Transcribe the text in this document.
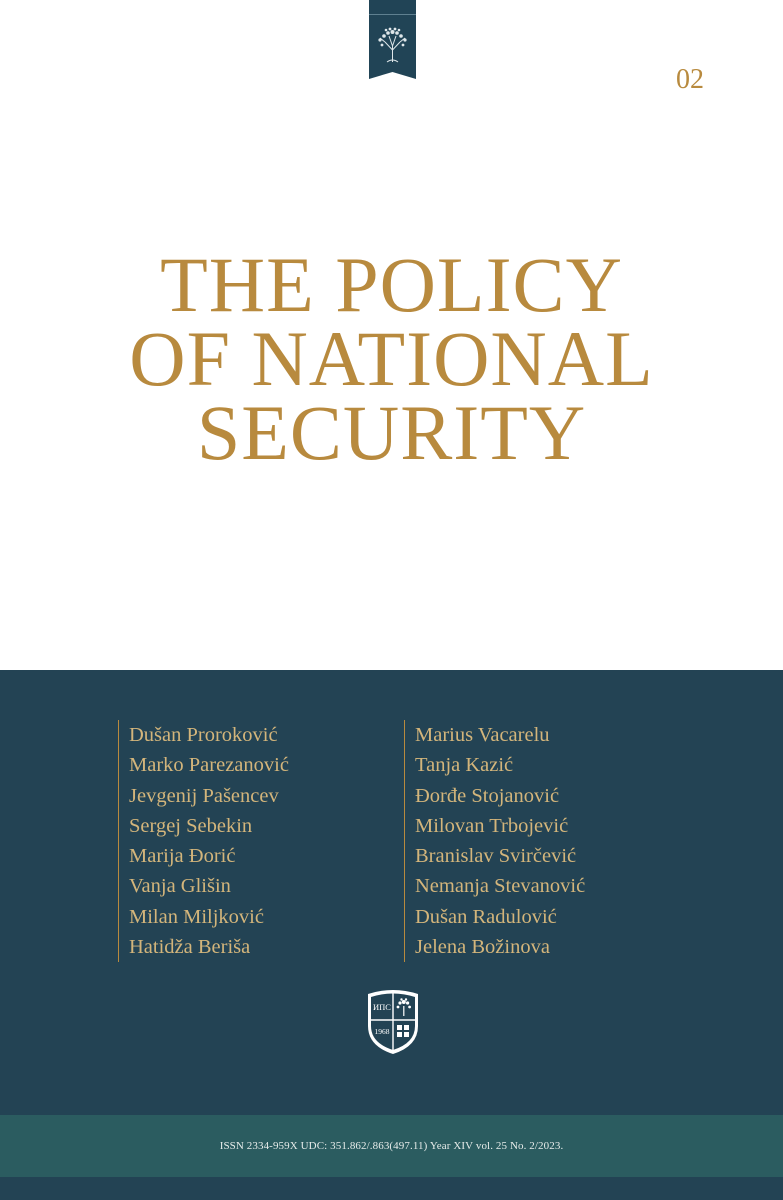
02
THE POLICY
OF NATIONAL
SECURITY
Dušan Proroković
Marko Parezanović
Jevgenij Pašencev
Sergej Sebekin
Marija Đorić
Vanja Glišin
Milan Miljković
Hatidža Beriša
Marius Vacarelu
Tanja Kazić
Đorđe Stojanović
Milovan Trbojević
Branislav Svirčević
Nemanja Stevanović
Dušan Radulović
Jelena Božinova
ИПС
1968
ISSN 2334-959X UDC: 351.862/.863(497.11) Year XIV vol. 25 No. 2/2023.
